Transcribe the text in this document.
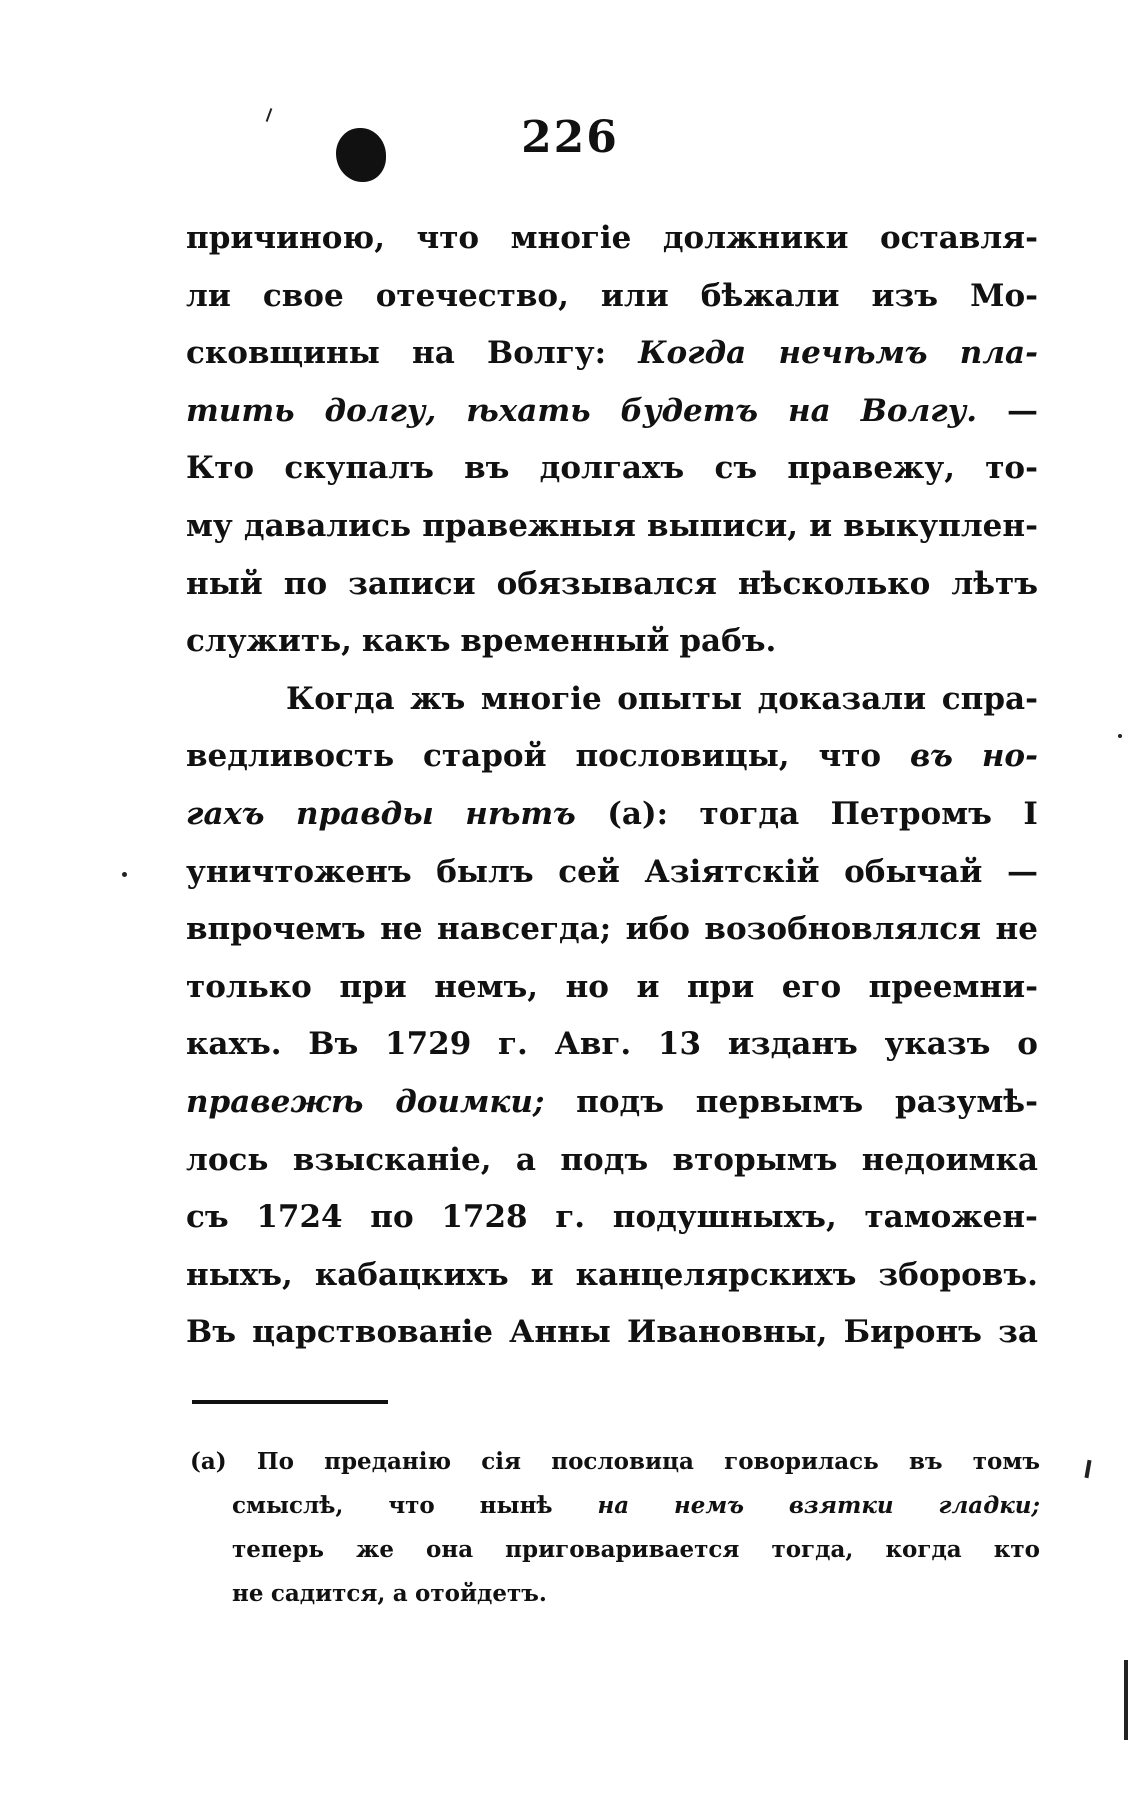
226
причиною, что многіе должники оставля-
ли свое отечество, или бѣжали изъ Мо-
сковщины на Волгу: Когда нечѣмъ пла-
тить долгу, ѣхать будетъ на Волгу. —
Кто скупалъ въ долгахъ съ правежу, то-
му давались правежныя выписи, и выкуплен-
ный по записи обязывался нѣсколько лѣтъ
служить, какъ временный рабъ.
Когда жъ многіе опыты доказали спра-
ведливость старой пословицы, что въ но-
гахъ правды нѣтъ (а): тогда Петромъ I
уничтоженъ былъ сей Азіятскій обычай —
впрочемъ не навсегда; ибо возобновлялся не
только при немъ, но и при его преемни-
кахъ. Въ 1729 г. Авг. 13 изданъ указъ о
правежѣ доимки; подъ первымъ разумѣ-
лось взысканіе, а подъ вторымъ недоимка
съ 1724 по 1728 г. подушныхъ, таможен-
ныхъ, кабацкихъ и канцелярскихъ зборовъ.
Въ царствованіе Анны Ивановны, Биронъ за
(а) По преданію сія пословица говорилась въ томъ
смыслѣ, что нынѣ на немъ взятки гладки;
теперь же она приговаривается тогда, когда кто
не садится, а отойдетъ.
